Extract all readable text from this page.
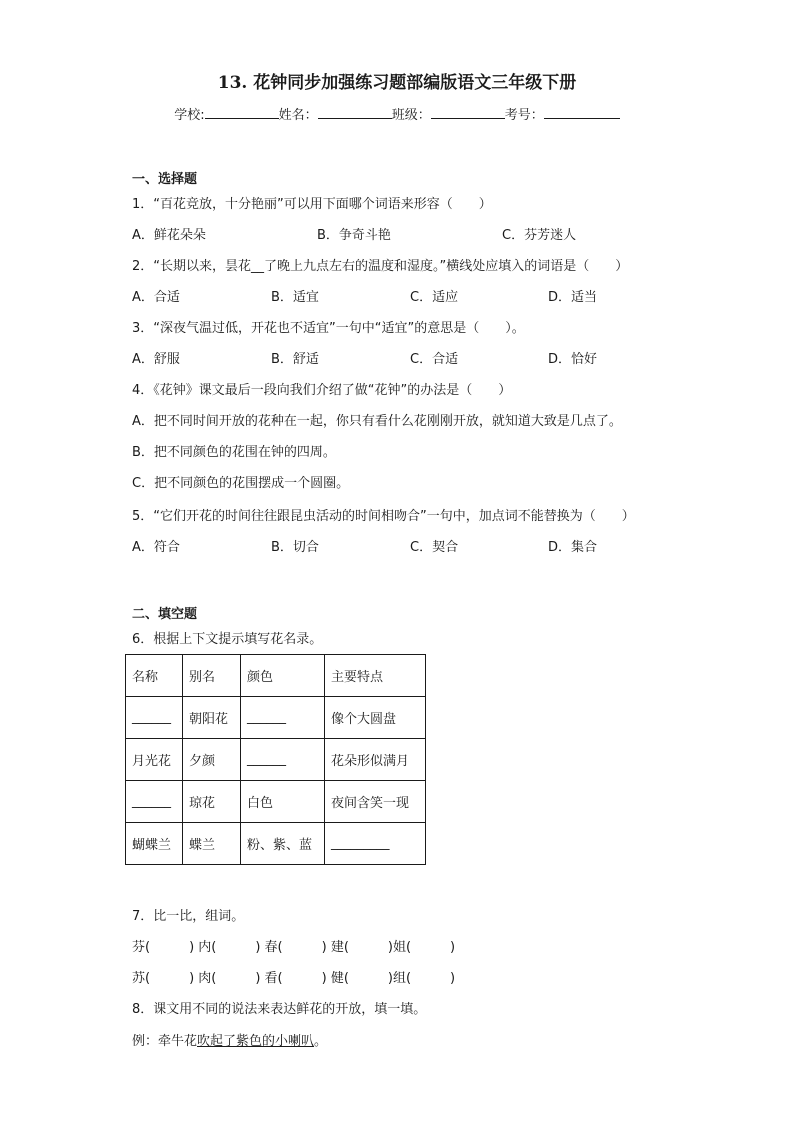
13. 花钟同步加强练习题部编版语文三年级下册
学校:	姓名：	班级：	考号：
一、选择题
1．“百花竞放，十分艳丽”可以用下面哪个词语来形容（　　）
A．鲜花朵朵	B．争奇斗艳	C．芬芳迷人
2．“长期以来，昙花__了晚上九点左右的温度和湿度。”横线处应填入的词语是（　　）
A．合适	B．适宜	C．适应	D．适当
3．“深夜气温过低，开花也不适宜”一句中“适宜”的意思是（　　）。
A．舒服	B．舒适	C．合适	D．恰好
4．《花钟》课文最后一段向我们介绍了做“花钟”的办法是（　　）
A．把不同时间开放的花种在一起，你只有看什么花刚刚开放，就知道大致是几点了。
B．把不同颜色的花围在钟的四周。
C．把不同颜色的花围摆成一个圆圈。
5．“它们开花的时间往往跟昆虫活动的时间相吻合”一句中，加点词不能替换为（　　）
A．符合	B．切合	C．契合	D．集合
二、填空题
6．根据上下文提示填写花名录。
名称	别名	颜色	主要特点
______	朝阳花	______	像个大圆盘
月光花	夕颜	______	花朵形似满月
______	琼花	白色	夜间含笑一现
蝴蝶兰	蝶兰	粉、紫、蓝	_________
7．比一比，组词。
芬(　　　) 内(　　　) 春(　　　) 建(　　　)姐(　　　)
苏(　　　) 肉(　　　) 看(　　　) 健(　　　)组(　　　)
8．课文用不同的说法来表达鲜花的开放，填一填。
例：牵牛花吹起了紫色的小喇叭。
